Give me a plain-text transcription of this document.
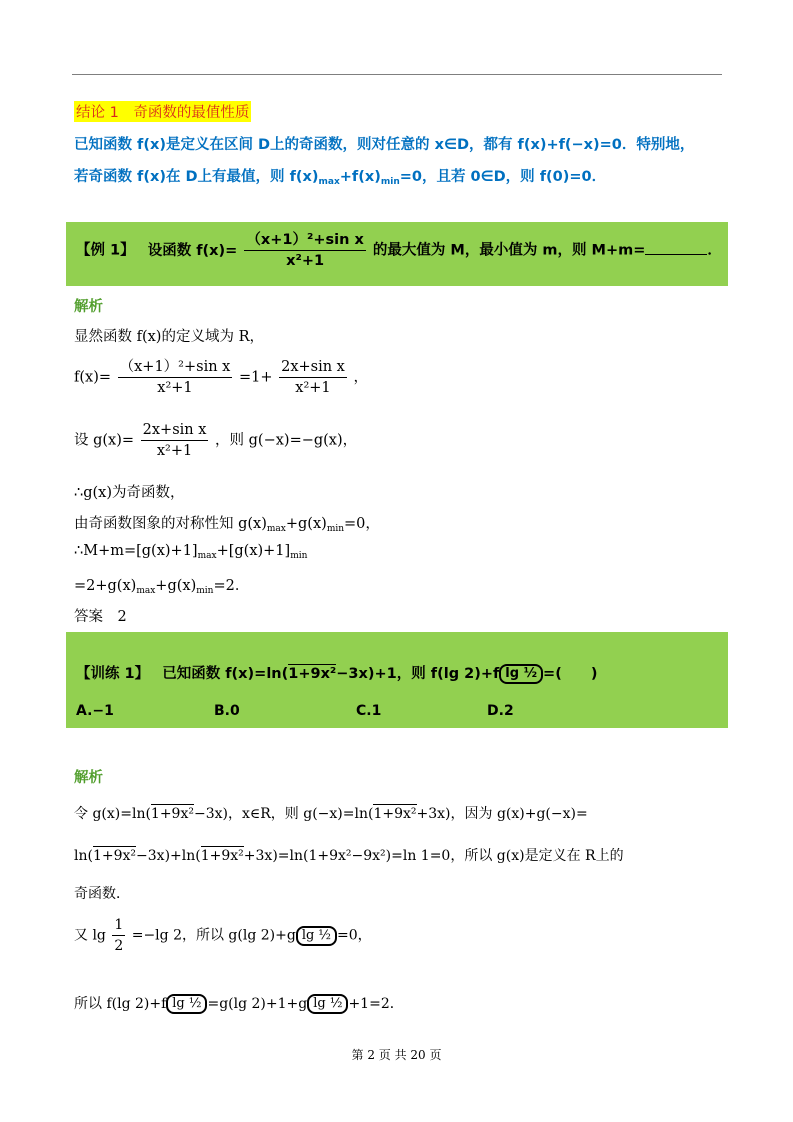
结论 1　奇函数的最值性质
已知函数 f(x)是定义在区间 D上的奇函数，则对任意的 x∈D，都有 f(x)+f(−x)=0．特别地，
若奇函数 f(x)在 D上有最值，则 $f(x)_{max}+f(x)_{min}=0$，且若 0∈D，则 f(0)=0．
【例 1】 设函数 $f(x)= \frac{\text{（x+1）²+sin x}}{\text{x²+1}}$ 的最大值为 M，最小值为 m，则 M+m=	．
解析
显然函数 f(x)的定义域为 R，
$f(x)= \frac{\text{（x+1）²+sin x}}{\text{x²+1}} =1+ \frac{\text{2x+sin x}}{\text{x²+1}}$ ，
设 $g(x)= \frac{\text{2x+sin x}}{\text{x²+1}}$ ，则 g(−x)=−g(x)，
∴g(x)为奇函数，
由奇函数图象的对称性知 $g(x)_{max}+g(x)_{min}=0$，
$\therefore M+m=[g(x)+1]_{max}+[g(x)+1]_{min}$
$=2+g(x)_{max}+g(x)_{min}=2$．
答案　2
【训练 1】 已知函数 f(x)=ln(1+9x²−3x)+1，则 f(lg 2)+f lg ½ =(　　)
A.−1	B.0	C.1	D.2
解析
令 g(x)=ln(1+9x²−3x)，x∈R，则 g(−x)=ln(1+9x²+3x)，因为 g(x)+g(−x)=
ln(1+9x²−3x)+ln(1+9x²+3x)=ln(1+9x²−9x²)=ln 1=0，所以 g(x)是定义在 R上的
奇函数．
又 $\lg \frac{1}{2} =-\lg$ 2，所以 g(lg 2)+g lg ½ =0，
所以 f(lg 2)+f lg ½ =g(lg 2)+1+g lg ½ +1=2．
第 2 页 共 20 页
